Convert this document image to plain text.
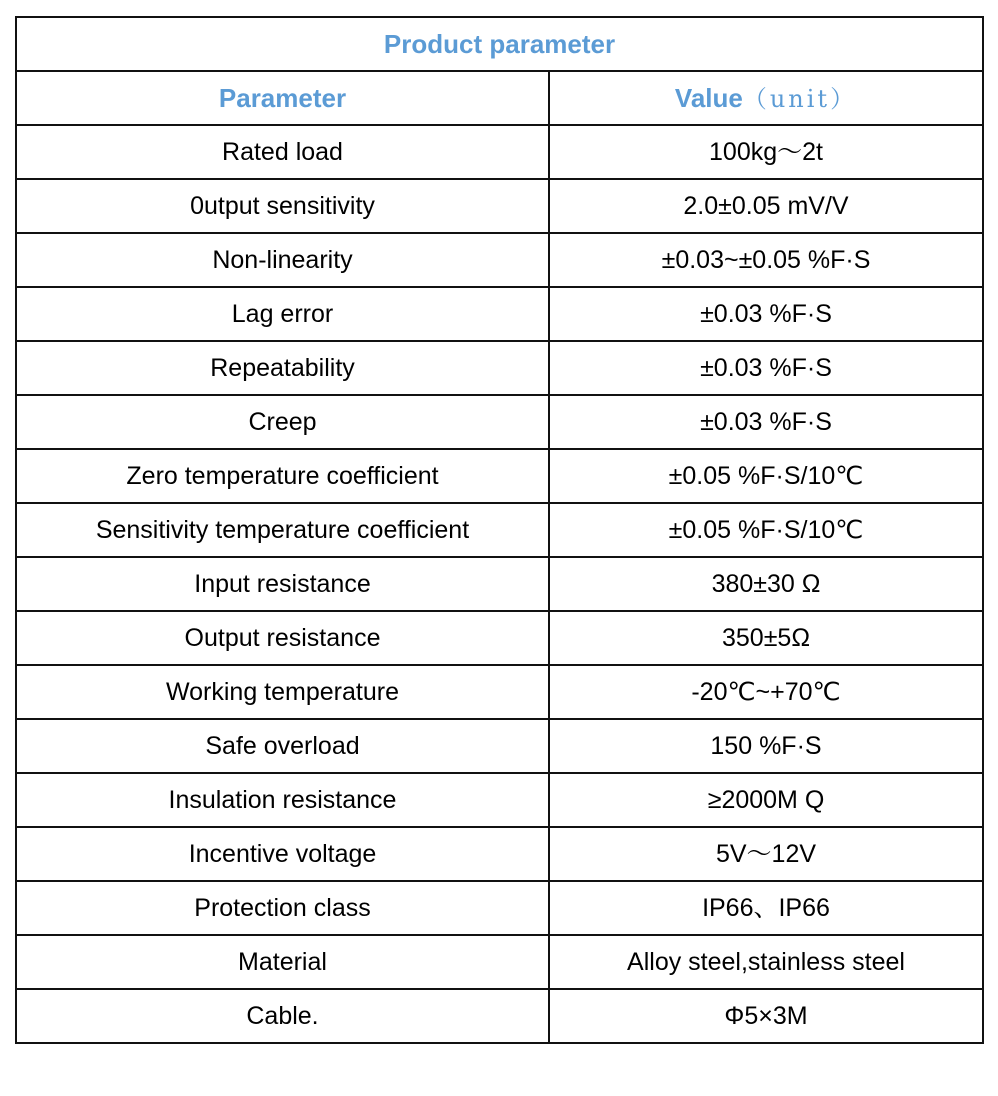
Product parameter	
Parameter	Value（unit）
Rated load	100kg～2t
0utput sensitivity	2.0±0.05 mV/V
Non-linearity	±0.03~±0.05 %F·S
Lag error	±0.03 %F·S
Repeatability	±0.03 %F·S
Creep	±0.03 %F·S
Zero temperature coefficient	±0.05 %F·S/10℃
Sensitivity temperature coefficient	±0.05 %F·S/10℃
Input resistance	380±30 Ω
Output resistance	350±5Ω
Working temperature	-20℃~+70℃
Safe overload	150 %F·S
Insulation resistance	≥2000M Q
Incentive voltage	5V～12V
Protection class	IP66、IP66
Material	Alloy steel,stainless steel
Cable.	Φ5×3M
